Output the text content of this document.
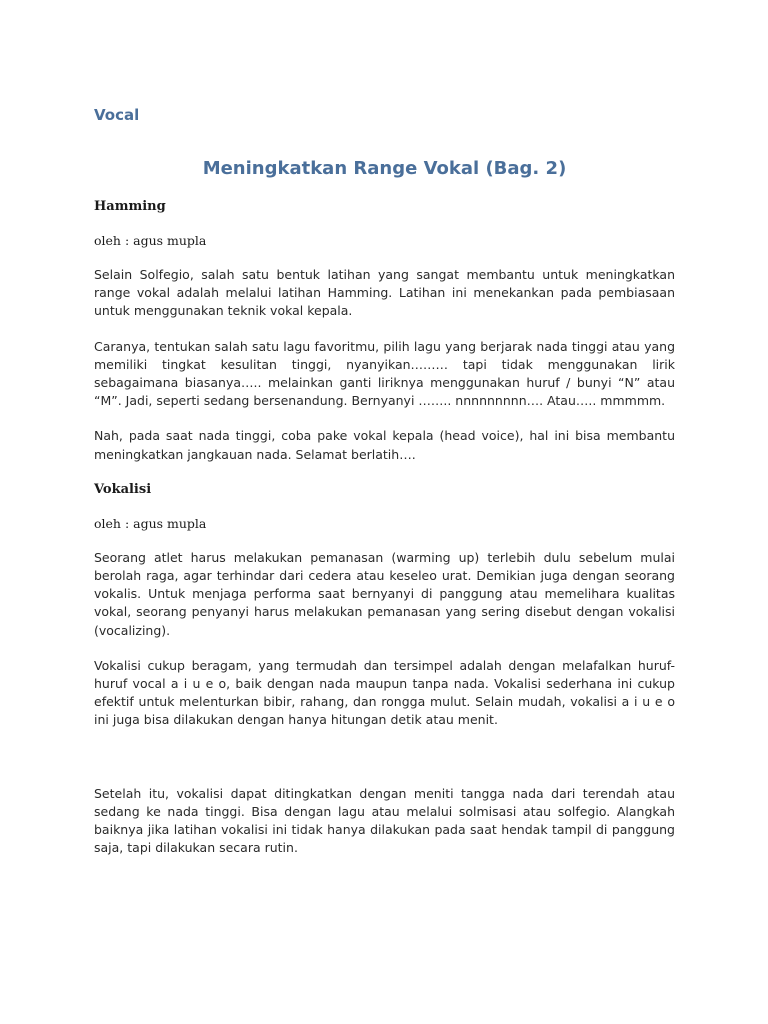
Vocal
Meningkatkan Range Vokal (Bag. 2)
Hamming
oleh : agus mupla

Selain Solfegio, salah satu bentuk latihan yang sangat membantu untuk meningkatkan range vokal adalah melalui latihan Hamming. Latihan ini menekankan pada pembiasaan untuk menggunakan teknik vokal kepala.

Caranya, tentukan salah satu lagu favoritmu, pilih lagu yang berjarak nada tinggi atau yang memiliki tingkat kesulitan tinggi, nyanyikan……… tapi tidak menggunakan lirik sebagaimana biasanya….. melainkan ganti liriknya menggunakan huruf / bunyi “N” atau “M”. Jadi, seperti sedang bersenandung. Bernyanyi …….. nnnnnnnnn…. Atau….. mmmmm.

Nah, pada saat nada tinggi, coba pake vokal kepala (head voice), hal ini bisa membantu meningkatkan jangkauan nada. Selamat berlatih….

Vokalisi
oleh : agus mupla

Seorang atlet harus melakukan pemanasan (warming up) terlebih dulu sebelum mulai berolah raga, agar terhindar dari cedera atau keseleo urat. Demikian juga dengan seorang vokalis. Untuk menjaga performa saat bernyanyi di panggung atau memelihara kualitas vokal, seorang penyanyi harus melakukan pemanasan yang sering disebut dengan vokalisi (vocalizing).

Vokalisi cukup beragam, yang termudah dan tersimpel adalah dengan melafalkan huruf-huruf vocal a i u e o, baik dengan nada maupun tanpa nada. Vokalisi sederhana ini cukup efektif untuk melenturkan bibir, rahang, dan rongga mulut. Selain mudah, vokalisi a i u e o ini juga bisa dilakukan dengan hanya hitungan detik atau menit.

Setelah itu, vokalisi dapat ditingkatkan dengan meniti tangga nada dari terendah atau sedang ke nada tinggi. Bisa dengan lagu atau melalui solmisasi atau solfegio. Alangkah baiknya jika latihan vokalisi ini tidak hanya dilakukan pada saat hendak tampil di panggung saja, tapi dilakukan secara rutin.
